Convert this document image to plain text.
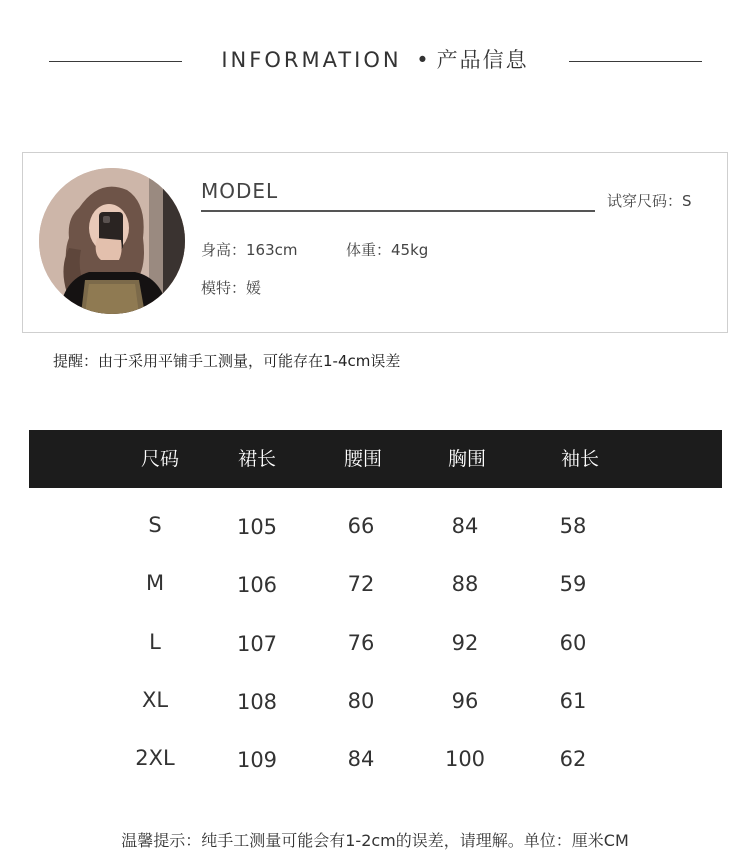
INFORMATION • 产品信息
MODEL	试穿尺码：S
身高：163cm	体重：45kg
模特：媛
提醒：由于采用平铺手工测量，可能存在1-4cm误差
尺码	裙长	腰围	胸围	袖长
S	105	66	84	58
M	106	72	88	59
L	107	76	92	60
XL	108	80	96	61
2XL	109	84	100	62
温馨提示：纯手工测量可能会有1-2cm的误差，请理解。单位：厘米CM
